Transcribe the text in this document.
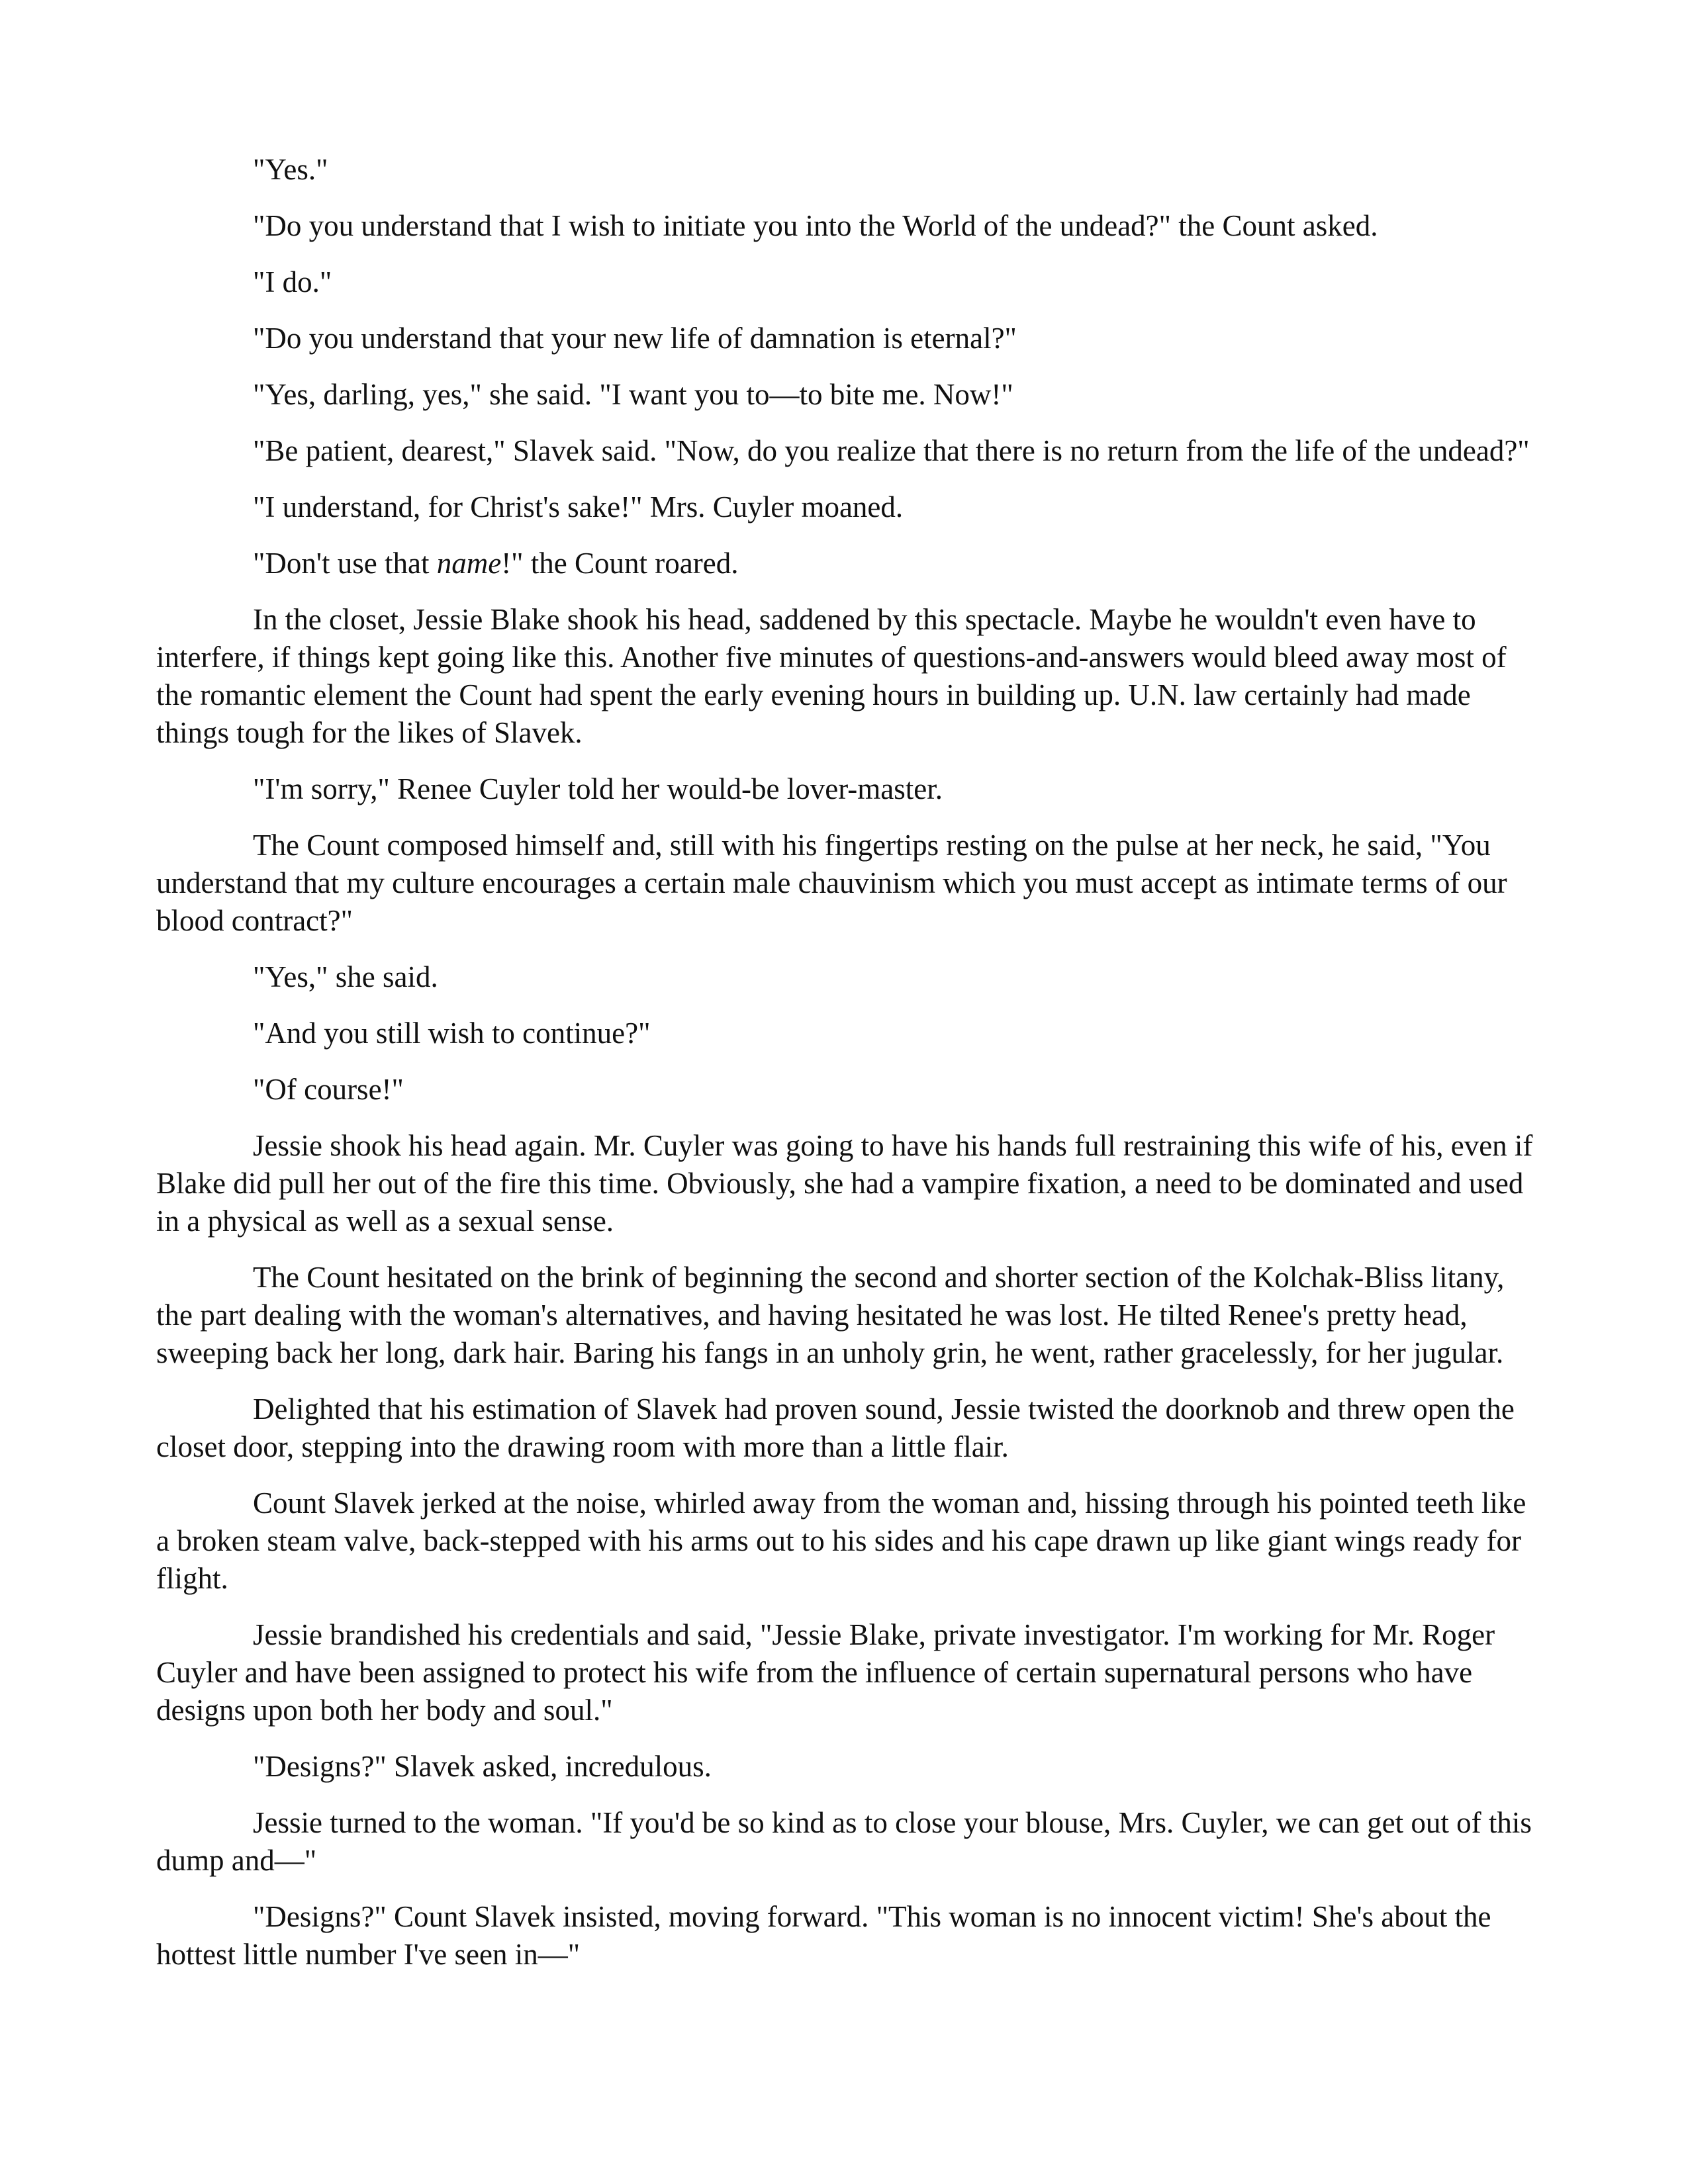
"Yes."

"Do you understand that I wish to initiate you into the World of the undead?" the Count asked.

"I do."

"Do you understand that your new life of damnation is eternal?"

"Yes, darling, yes," she said. "I want you to—to bite me. Now!"

"Be patient, dearest," Slavek said. "Now, do you realize that there is no return from the life of the undead?"

"I understand, for Christ's sake!" Mrs. Cuyler moaned.

"Don't use that name!" the Count roared.

In the closet, Jessie Blake shook his head, saddened by this spectacle. Maybe he wouldn't even have to interfere, if things kept going like this. Another five minutes of questions-and-answers would bleed away most of the romantic element the Count had spent the early evening hours in building up. U.N. law certainly had made things tough for the likes of Slavek.

"I'm sorry," Renee Cuyler told her would-be lover-master.

The Count composed himself and, still with his fingertips resting on the pulse at her neck, he said, "You understand that my culture encourages a certain male chauvinism which you must accept as intimate terms of our blood contract?"

"Yes," she said.

"And you still wish to continue?"

"Of course!"

Jessie shook his head again. Mr. Cuyler was going to have his hands full restraining this wife of his, even if Blake did pull her out of the fire this time. Obviously, she had a vampire fixation, a need to be dominated and used in a physical as well as a sexual sense.

The Count hesitated on the brink of beginning the second and shorter section of the Kolchak-Bliss litany, the part dealing with the woman's alternatives, and having hesitated he was lost. He tilted Renee's pretty head, sweeping back her long, dark hair. Baring his fangs in an unholy grin, he went, rather gracelessly, for her jugular.

Delighted that his estimation of Slavek had proven sound, Jessie twisted the doorknob and threw open the closet door, stepping into the drawing room with more than a little flair.

Count Slavek jerked at the noise, whirled away from the woman and, hissing through his pointed teeth like a broken steam valve, back-stepped with his arms out to his sides and his cape drawn up like giant wings ready for flight.

Jessie brandished his credentials and said, "Jessie Blake, private investigator. I'm working for Mr. Roger Cuyler and have been assigned to protect his wife from the influence of certain supernatural persons who have designs upon both her body and soul."

"Designs?" Slavek asked, incredulous.

Jessie turned to the woman. "If you'd be so kind as to close your blouse, Mrs. Cuyler, we can get out of this dump and—"

"Designs?" Count Slavek insisted, moving forward. "This woman is no innocent victim! She's about the hottest little number I've seen in—"
